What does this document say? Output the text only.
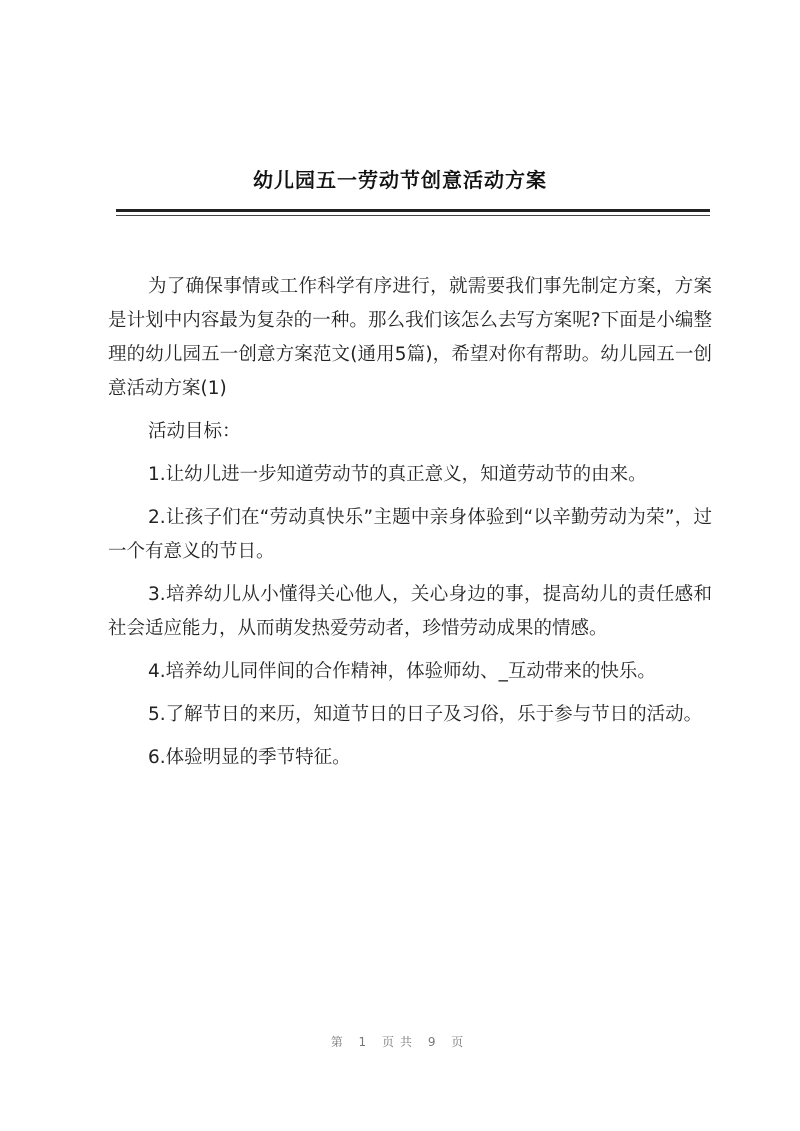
幼儿园五一劳动节创意活动方案

为了确保事情或工作科学有序进行，就需要我们事先制定方案，方案是计划中内容最为复杂的一种。那么我们该怎么去写方案呢?下面是小编整理的幼儿园五一创意方案范文(通用5篇)，希望对你有帮助。幼儿园五一创意活动方案(1)

活动目标：

1.让幼儿进一步知道劳动节的真正意义，知道劳动节的由来。

2.让孩子们在“劳动真快乐”主题中亲身体验到“以辛勤劳动为荣”，过一个有意义的节日。

3.培养幼儿从小懂得关心他人，关心身边的事，提高幼儿的责任感和社会适应能力，从而萌发热爱劳动者，珍惜劳动成果的情感。

4.培养幼儿同伴间的合作精神，体验师幼、_互动带来的快乐。

5.了解节日的来历，知道节日的日子及习俗，乐于参与节日的活动。

6.体验明显的季节特征。

第 1 页共 9 页
